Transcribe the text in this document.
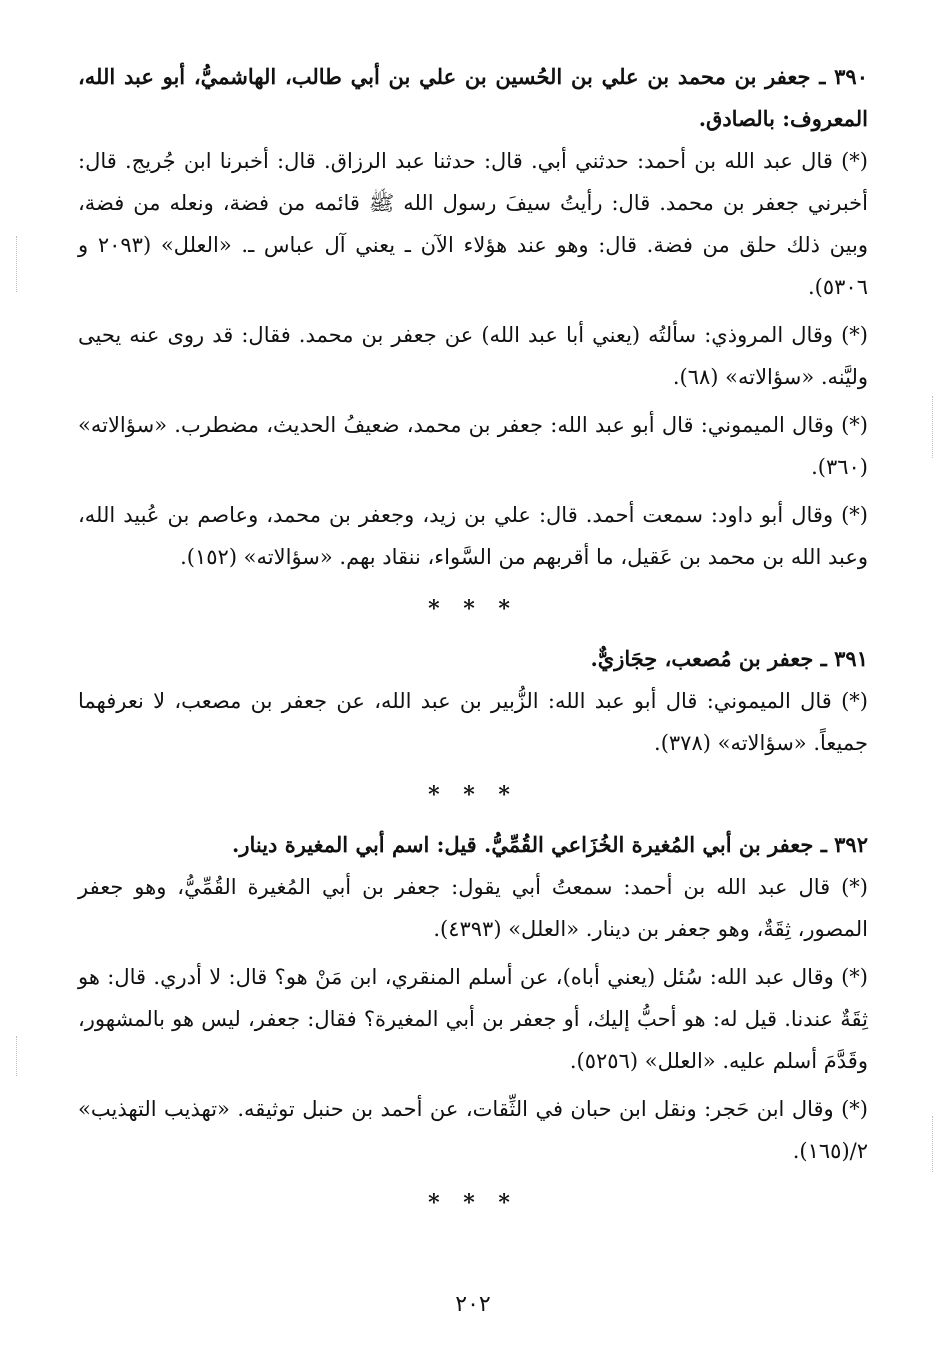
٣٩٠ ـ جعفر بن محمد بن علي بن الحُسين بن علي بن أبي طالب، الهاشميُّ، أبو عبد الله، المعروف: بالصادق.

(*) قال عبد الله بن أحمد: حدثني أبي. قال: حدثنا عبد الرزاق. قال: أخبرنا ابن جُريج. قال: أخبرني جعفر بن محمد. قال: رأيتُ سيفَ رسول الله ﷺ قائمه من فضة، ونعله من فضة، وبين ذلك حلق من فضة. قال: وهو عند هؤلاء الآن ـ يعني آل عباس ـ. «العلل» (٢٠٩٣ و ٥٣٠٦).

(*) وقال المروذي: سألتُه (يعني أبا عبد الله) عن جعفر بن محمد. فقال: قد روى عنه يحيى وليَّنه. «سؤالاته» (٦٨).

(*) وقال الميموني: قال أبو عبد الله: جعفر بن محمد، ضعيفُ الحديث، مضطرب. «سؤالاته» (٣٦٠).

(*) وقال أبو داود: سمعت أحمد. قال: علي بن زيد، وجعفر بن محمد، وعاصم بن عُبيد الله، وعبد الله بن محمد بن عَقيل، ما أقربهم من السَّواء، ننقاد بهم. «سؤالاته» (١٥٢).

* * *

٣٩١ ـ جعفر بن مُصعب، حِجَازيٌّ.

(*) قال الميموني: قال أبو عبد الله: الزُّبير بن عبد الله، عن جعفر بن مصعب، لا نعرفهما جميعاً. «سؤالاته» (٣٧٨).

* * *

٣٩٢ ـ جعفر بن أبي المُغيرة الخُزَاعي القُمِّيُّ. قيل: اسم أبي المغيرة دينار.

(*) قال عبد الله بن أحمد: سمعتُ أبي يقول: جعفر بن أبي المُغيرة القُمِّيُّ، وهو جعفر المصور، ثِقَةٌ، وهو جعفر بن دينار. «العلل» (٤٣٩٣).

(*) وقال عبد الله: سُئل (يعني أباه)، عن أسلم المنقري، ابن مَنْ هو؟ قال: لا أدري. قال: هو ثِقَةٌ عندنا. قيل له: هو أحبُّ إليك، أو جعفر بن أبي المغيرة؟ فقال: جعفر، ليس هو بالمشهور، وقَدَّمَ أسلم عليه. «العلل» (٥٢٥٦).

(*) وقال ابن حَجر: ونقل ابن حبان في الثِّقات، عن أحمد بن حنبل توثيقه. «تهذيب التهذيب» ٢/(١٦٥).

* * *
٢٠٢
